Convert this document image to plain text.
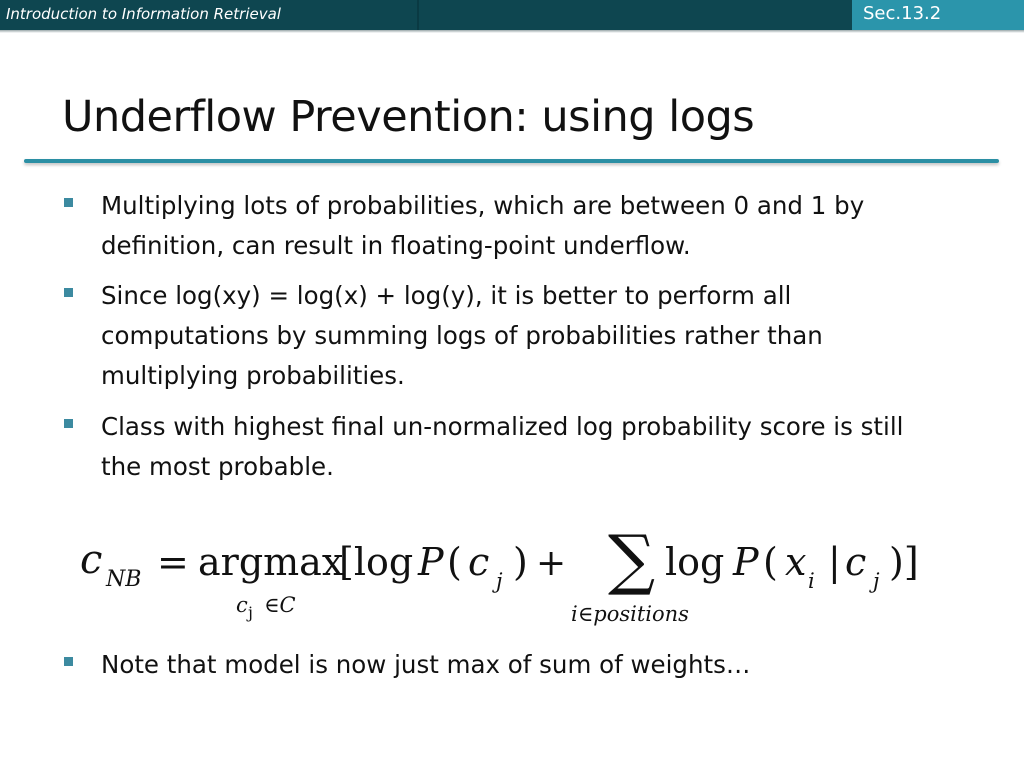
Introduction to Information Retrieval	Sec.13.2
Underflow Prevention: using logs
Multiplying lots of probabilities, which are between 0 and 1 by definition, can result in floating-point underflow.
Since log(xy) = log(x) + log(y), it is better to perform all computations by summing logs of probabilities rather than multiplying probabilities.
Class with highest final un-normalized log probability score is still the most probable.
Note that model is now just max of sum of weights…
c NB = argmax
c j ∈C
[log P ( c j ) + ∑
i∈positions
log P ( x i | c j )]
